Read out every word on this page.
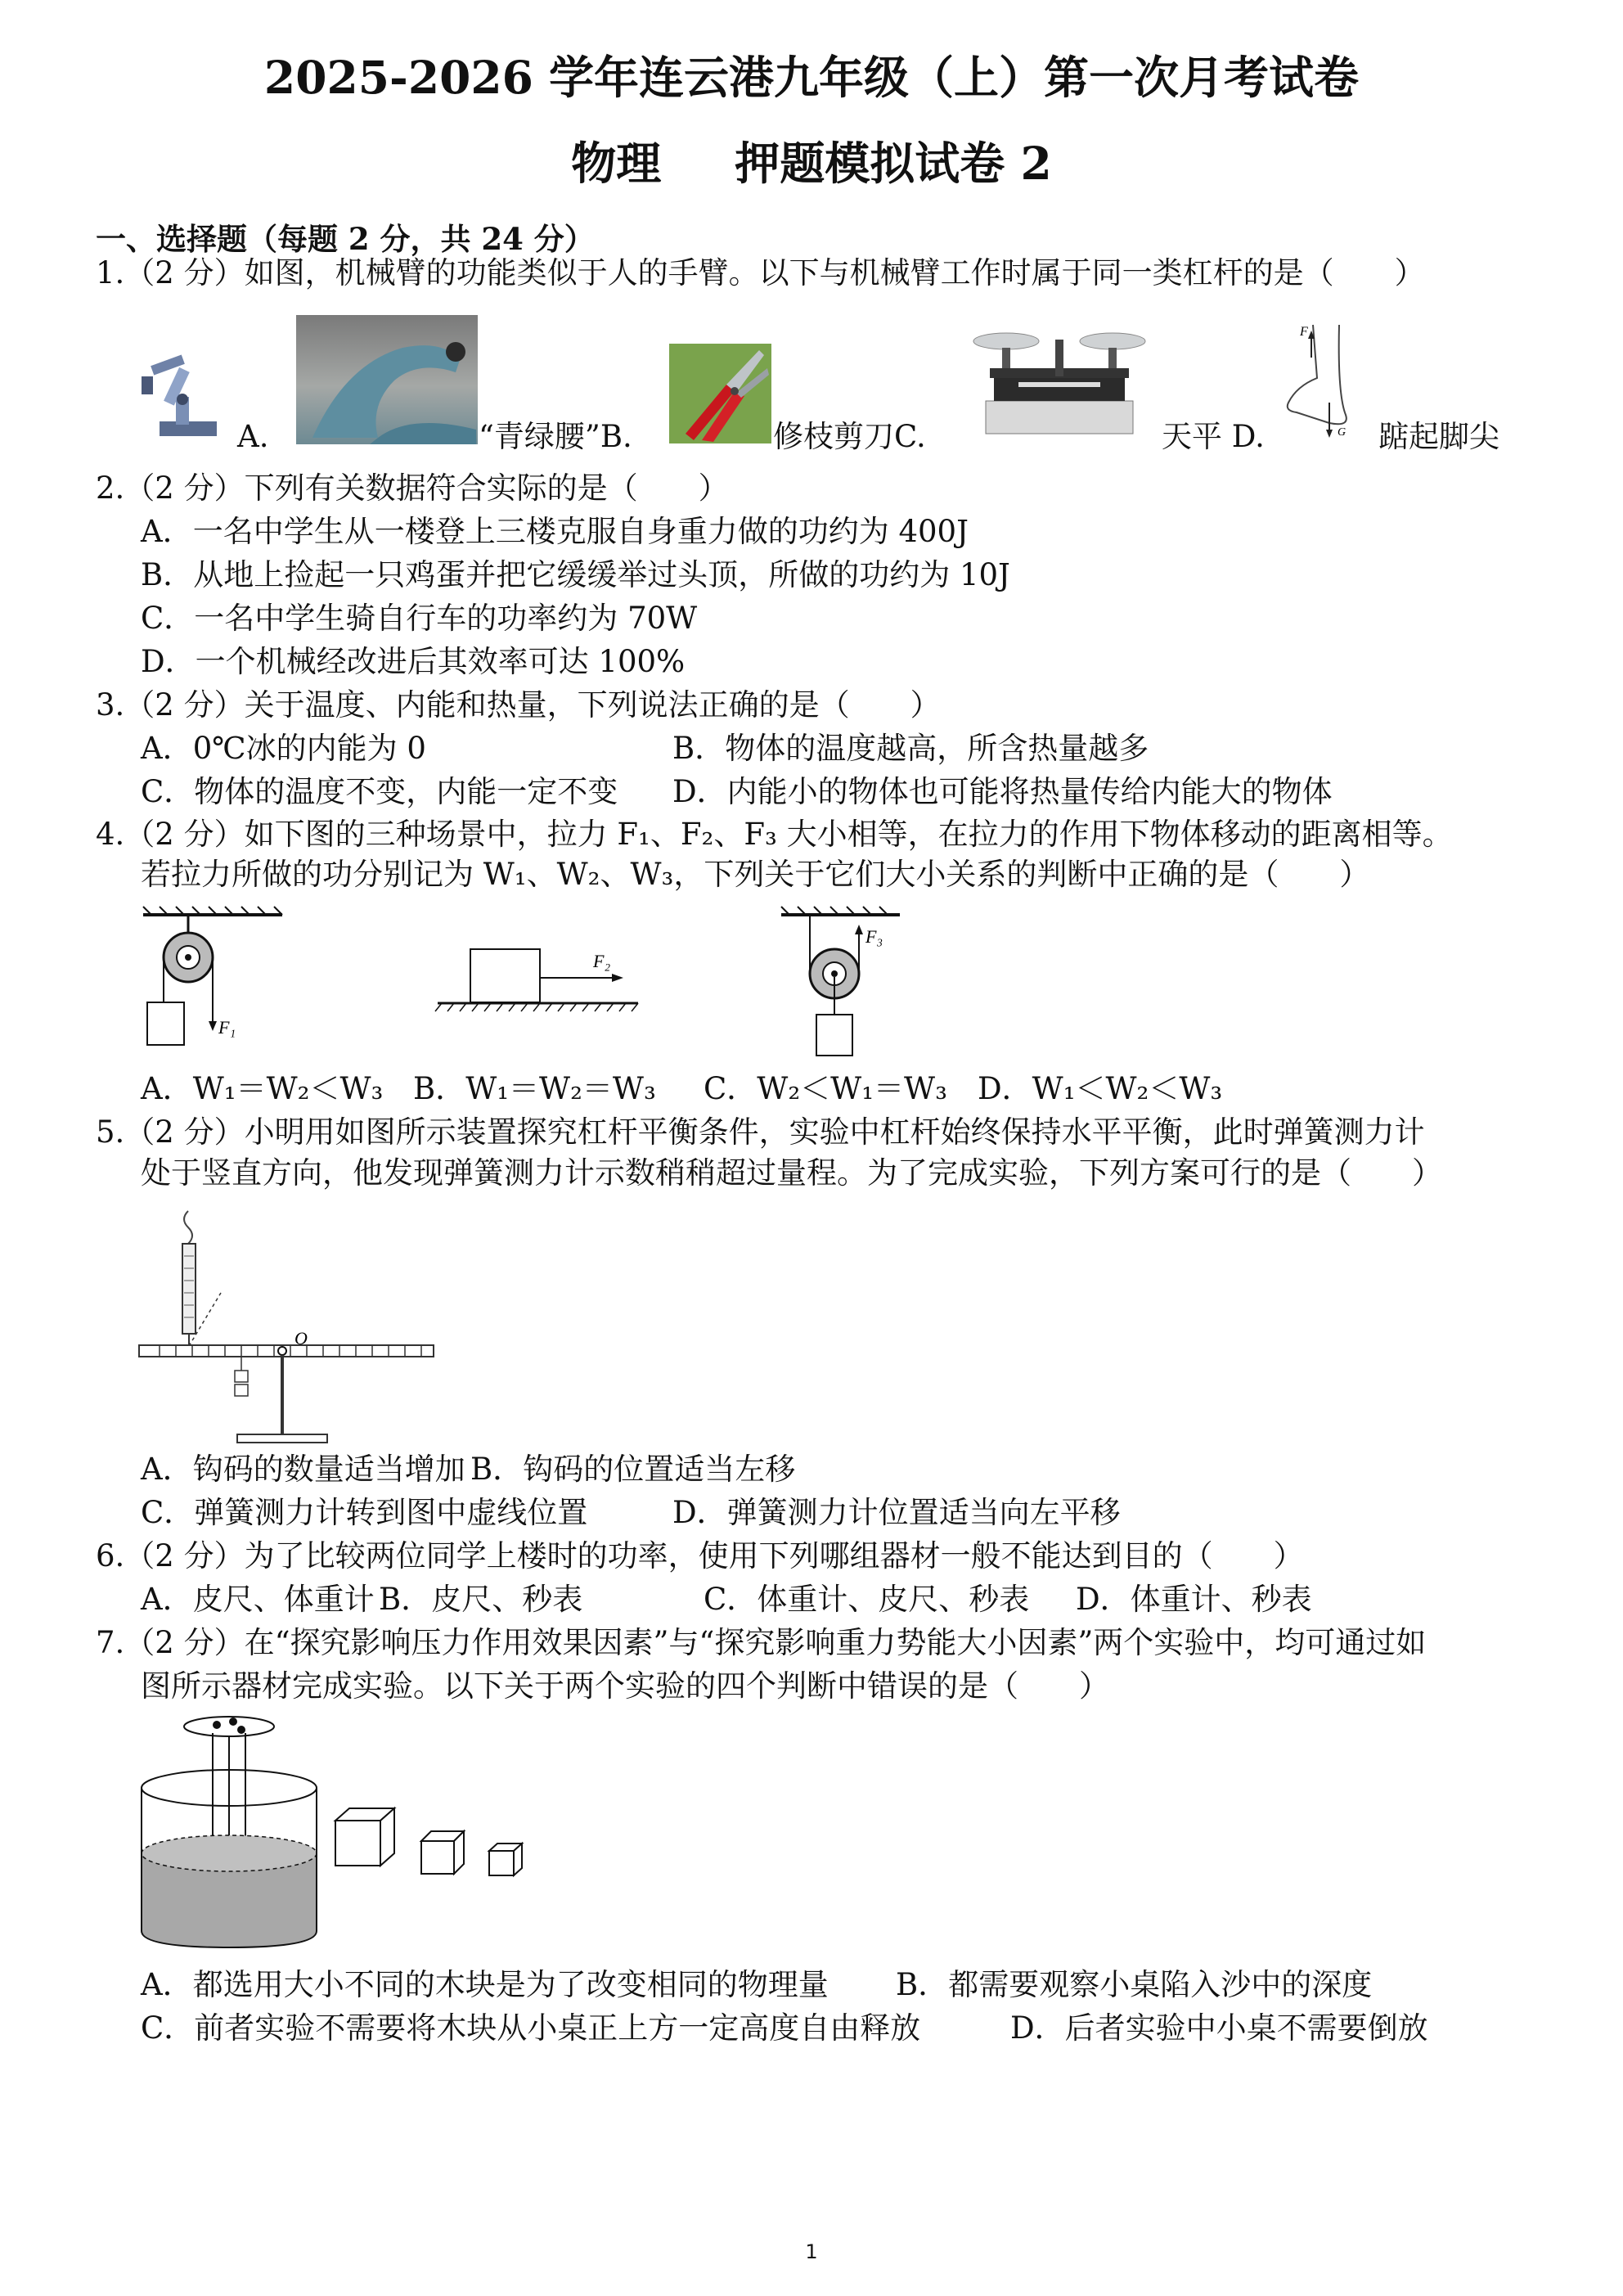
2025-2026 学年连云港九年级（上）第一次月考试卷
物理 押题模拟试卷 2
一、选择题（每题 2 分，共 24 分）
1.（2 分）如图，机械臂的功能类似于人的手臂。以下与机械臂工作时属于同一类杠杆的是（　　）
A.	“青绿腰”B.	修枝剪刀C.	天平 D.
F
G 踮起脚尖
2.（2 分）下列有关数据符合实际的是（　　）
A．一名中学生从一楼登上三楼克服自身重力做的功约为 400J
B．从地上捡起一只鸡蛋并把它缓缓举过头顶，所做的功约为 10J
C．一名中学生骑自行车的功率约为 70W
D．一个机械经改进后其效率可达 100%
3.（2 分）关于温度、内能和热量，下列说法正确的是（　　）
A．0℃冰的内能为 0	B．物体的温度越高，所含热量越多
C．物体的温度不变，内能一定不变 D．内能小的物体也可能将热量传给内能大的物体
4.（2 分）如下图的三种场景中，拉力 F₁、F₂、F₃ 大小相等，在拉力的作用下物体移动的距离相等。
若拉力所做的功分别记为 W₁、W₂、W₃，下列关于它们大小关系的判断中正确的是（　　）
F₁
F₂
F₃
A．W₁＝W₂＜W₃ B．W₁＝W₂＝W₃ C．W₂＜W₁＝W₃ D．W₁＜W₂＜W₃
5.（2 分）小明用如图所示装置探究杠杆平衡条件，实验中杠杆始终保持水平平衡，此时弹簧测力计
处于竖直方向，他发现弹簧测力计示数稍稍超过量程。为了完成实验，下列方案可行的是（　　）
O
A．钩码的数量适当增加 B．钩码的位置适当左移
C．弹簧测力计转到图中虚线位置	D．弹簧测力计位置适当向左平移
6.（2 分）为了比较两位同学上楼时的功率，使用下列哪组器材一般不能达到目的（　　）
A．皮尺、体重计 B．皮尺、秒表	C．体重计、皮尺、秒表 D．体重计、秒表
7.（2 分）在“探究影响压力作用效果因素”与“探究影响重力势能大小因素”两个实验中，均可通过如
图所示器材完成实验。以下关于两个实验的四个判断中错误的是（　　）
A．都选用大小不同的木块是为了改变相同的物理量 B．都需要观察小桌陷入沙中的深度
C．前者实验不需要将木块从小桌正上方一定高度自由释放	D．后者实验中小桌不需要倒放
1
